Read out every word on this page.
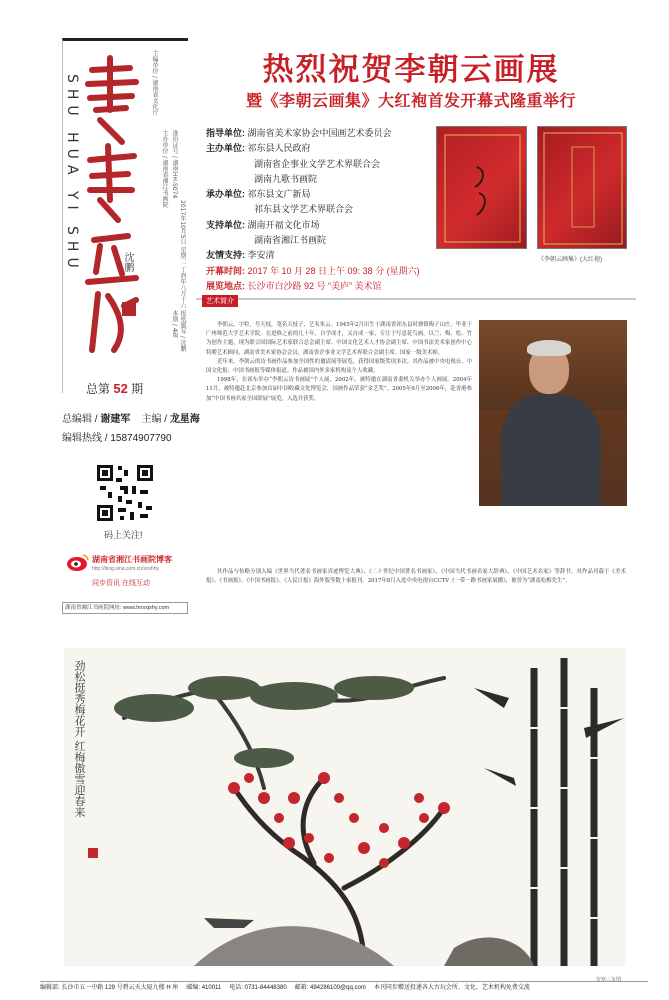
SHU HUA YI SHU	主编单位 / 湖南省文化厅
主办单位 / 湖南省湘江书画院 准印证号 / 湖南HH-S074
2017年10月5日 星期二 丁酉年八月十六
本期 / 4版 报纸题写 / 沈鹏
沈鹏
总第 52 期
总编辑 / 谢建军 主编 / 龙星海
编辑热线 / 15874907790
码上关注!
湖南省湘江书画院博客
http://blog.sina.com.cn/xxshhy
同步资讯 在线互动
湖南省湘江书画院网址: www.hnsxjshy.com
热烈祝贺李朝云画展
暨《李朝云画集》大红袍首发开幕式隆重举行
指导单位: 湖南省美术家协会中国画艺术委员会
主办单位: 祁东县人民政府
湖南省企事业文学艺术界联合会
湖南九歌书画院
承办单位: 祁东县文广新局
祁东县文学艺术界联合会
支持单位: 湖南开福文化市场
湖南省湘江书画院
友情支持: 李安清
开幕时间: 2017 年 10 月 28 日上午 09: 38 分 (星期六)
展览地点: 长沙市白沙路 92 号 “美庐” 美术馆
《李朝云画集》(大红袍)
艺术简介

李朝云，字粒，号天枝，笔名天枝子，艺名朱云。1945年2月出生于湖南省祁东县时塘镇梅子山庄，毕业于广州师范大学艺术学院。在进修之前的几十年，自学成才，又自成一家，专注于写意花鸟画，以兰、梅、松、竹为创作主题，现为联合国国际艺术家联合总会副主席、中国文化艺术人才协会副主席、中国书法美术家创作中心特聘艺术顾问、湖南省美术家协会会员、湖南省企事业文学艺术界联合会副主席、国家一级美术师。

近年来，李朝云的诗书画作品参加全国性的邀请展等展览，获得国家级奖项多次。其作品被中央电视台、中国文化报、中国书画报等媒体报道。作品被国内外多家机构及个人收藏。

1998年，在祁东举办“李朝云诗书画展”个人展，2002年，被特邀在湖南省委机关举办个人画展。2004年11月，被特邀赴北京参加首届中国收藏文化博览会，国画作品荣获“金艺奖”。2005年9月至2006年，赴香港参加“中国书画名家全国联展”展览，入选并获奖。

其作品与传略分别入编《世界当代著名书画家真迹博览大典》、《二十世纪中国著名书画家》、《中国当代书画名家大辞典》、《中国艺术名家》等辞书。其作品刊载于《美术报》、《书画报》、《中国书画报》、《人民日报》海外版等数十家报刊。2017年8月入选中央电视台CCTV《一带一路书画家展播》，被誉为“湖南松梅先生”。

劲松挺秀梅花开 红梅傲雪迎春来
岁寒三友图
编辑部: 长沙市五一中路 129 号碧云天大厦九楼 H 座 邮编: 410011 电话: 0731-84448380 邮箱: 494286100@qq.com 本刊同步赠送投递各大古玩会所、文化、艺术机构免费交流
